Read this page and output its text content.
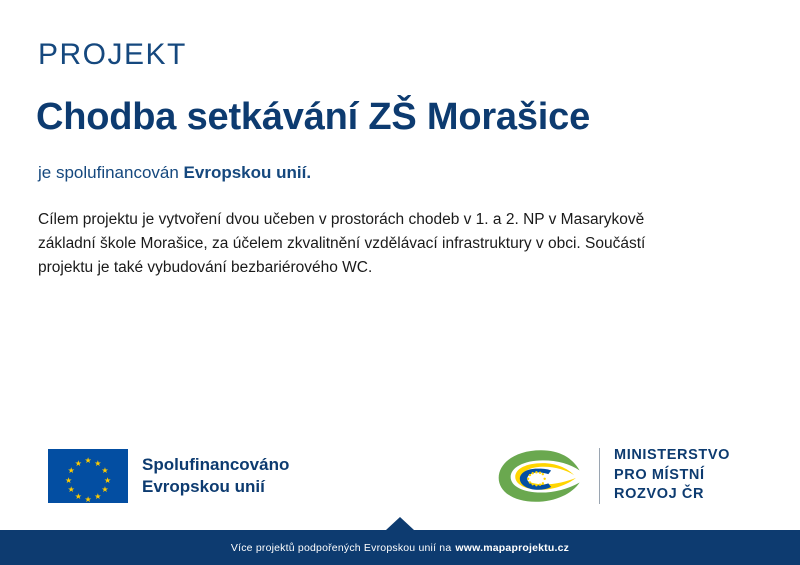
PROJEKT
Chodba setkávání ZŠ Morašice
je spolufinancován Evropskou unií.
Cílem projektu je vytvoření dvou učeben v prostorách chodeb v 1. a 2. NP v Masarykově základní škole Morašice, za účelem zkvalitnění vzdělávací infrastruktury v obci. Součástí projektu je také vybudování bezbariérového WC.
★ ★
★
★
★
★
★
★
★
★
★
★	Spolufinancováno
Evropskou unií
MINISTERSTVO
PRO MÍSTNÍ
ROZVOJ ČR
Více projektů podpořených Evropskou unií na www.mapaprojektu.cz
